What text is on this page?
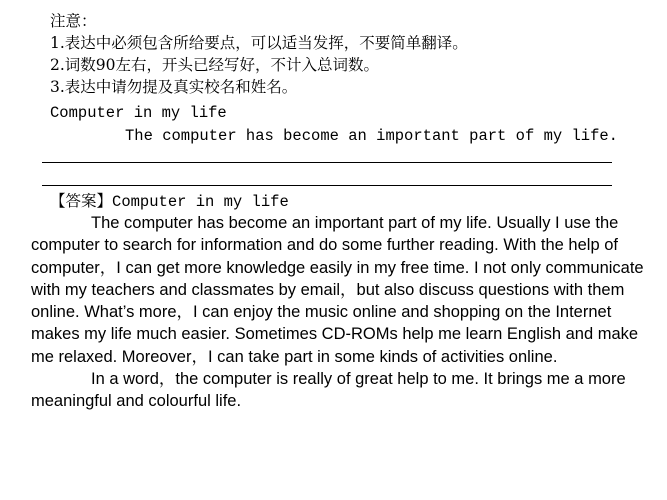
注意：
1.表达中必须包含所给要点，可以适当发挥，不要简单翻译。
2.词数90左右，开头已经写好，不计入总词数。
3.表达中请勿提及真实校名和姓名。
Computer in my life
The computer has become an important part of my life.
【答案】Computer in my life

The computer has become an important part of my life. Usually I use the computer to search for information and do some further reading. With the help of computer，I can get more knowledge easily in my free time. I not only communicate with my teachers and classmates by email，but also discuss questions with them online. What’s more，I can enjoy the music online and shopping on the Internet makes my life much easier. Sometimes CD-ROMs help me learn English and make me relaxed. Moreover，I can take part in some kinds of activities online.

In a word，the computer is really of great help to me. It brings me a more meaningful and colourful life.
